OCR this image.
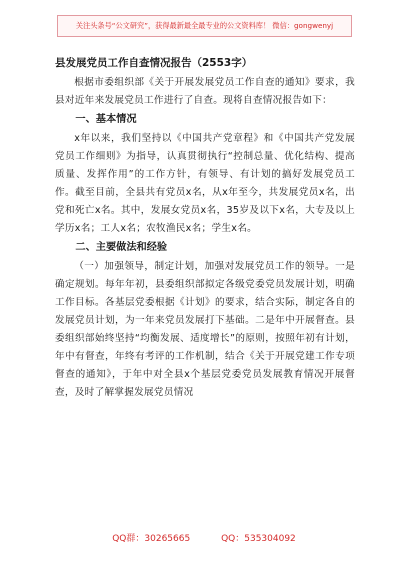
关注头条号“公文研究”，获得最新最全最专业的公文资料库！ 微信：gongwenyj
县发展党员工作自查情况报告（2553字）

根据市委组织部《关于开展发展党员工作自查的通知》要求，我县对近年来发展党员工作进行了自查。现将自查情况报告如下：

一、基本情况

x年以来，我们坚持以《中国共产党章程》和《中国共产党发展党员工作细则》为指导，认真贯彻执行“控制总量、优化结构、提高质量、发挥作用”的工作方针，有领导、有计划的搞好发展党员工作。截至目前，全县共有党员x名，从x年至今，共发展党员x名，出党和死亡x名。其中，发展女党员x名，35岁及以下x名，大专及以上学历x名；工人x名；农牧渔民x名；学生x名。

二、主要做法和经验

（一）加强领导，制定计划，加强对发展党员工作的领导。一是确定规划。每年年初，县委组织部拟定各级党委党员发展计划，明确工作目标。各基层党委根据《计划》的要求，结合实际，制定各自的发展党员计划，为一年来党员发展打下基础。二是年中开展督查。县委组织部始终坚持“均衡发展、适度增长”的原则，按照年初有计划，年中有督查，年终有考评的工作机制，结合《关于开展党建工作专项督查的通知》，于年中对全县x个基层党委党员发展教育情况开展督查，及时了解掌握发展党员情况

QQ群：30265665	QQ：535304092
